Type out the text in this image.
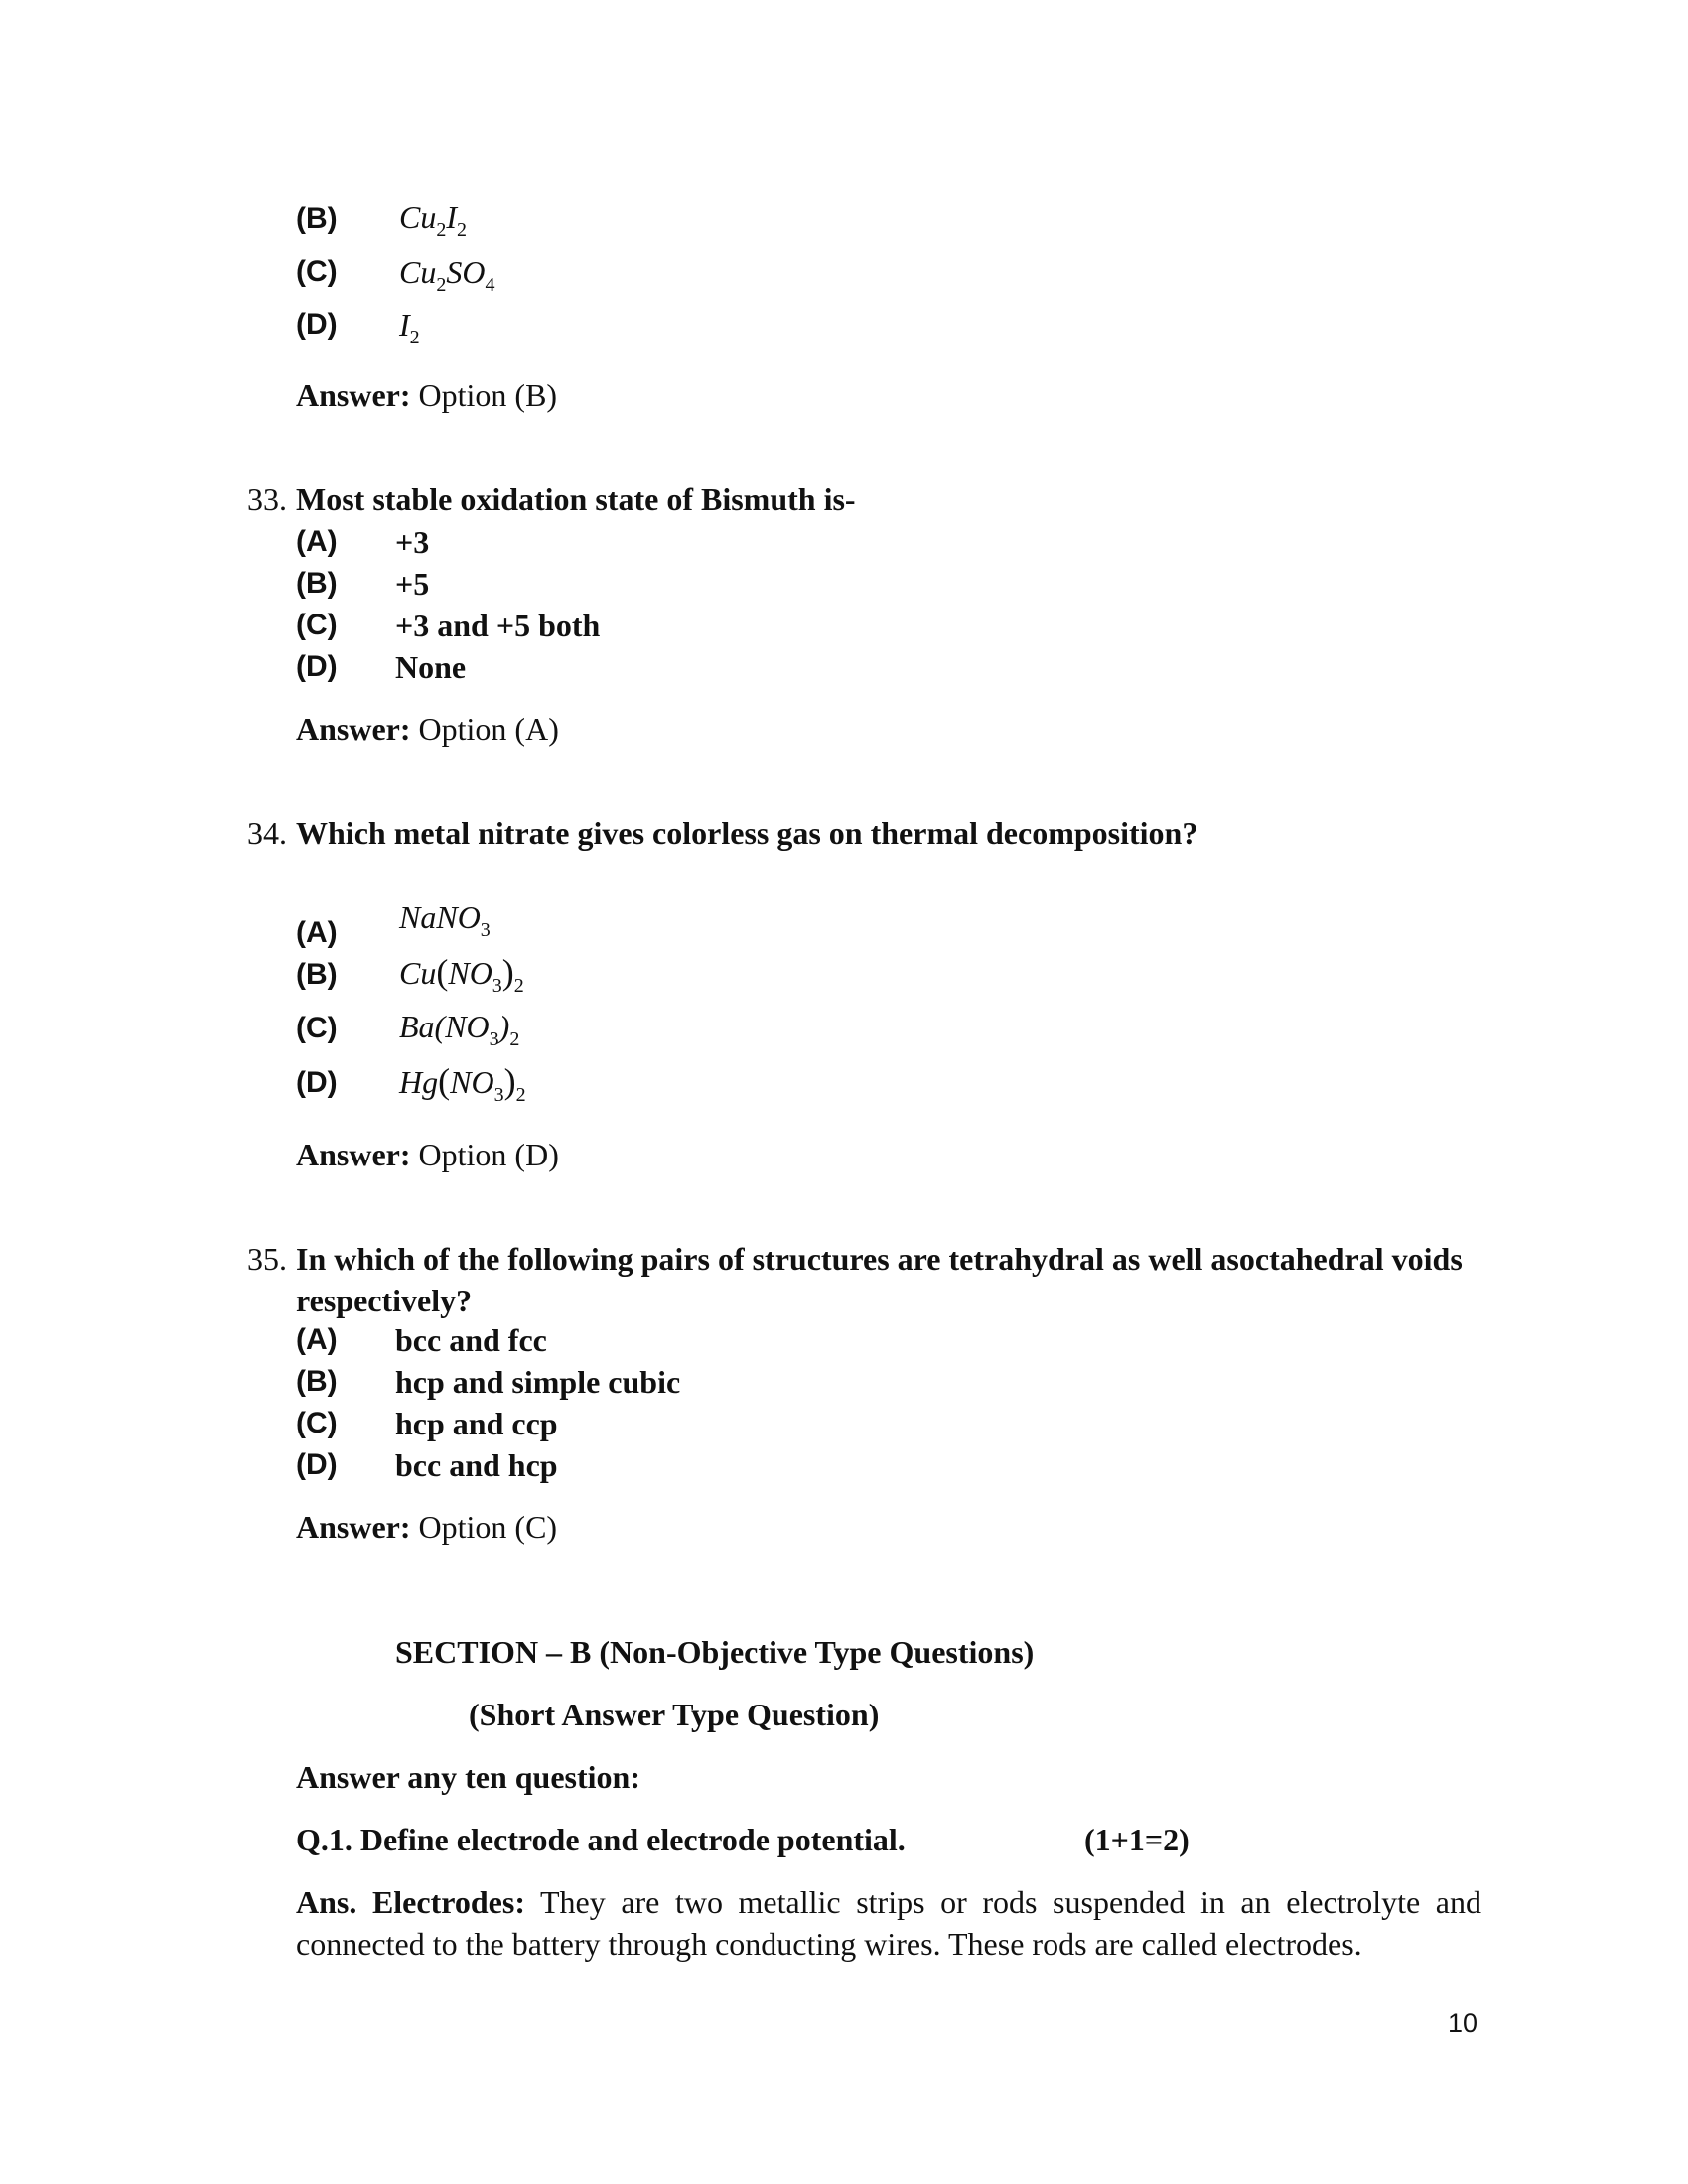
(B) $Cu_2I_2$
(C) $Cu_2SO_4$
(D) $I_2$
Answer: Option (B)
33. Most stable oxidation state of Bismuth is-
(A) +3
(B) +5
(C) +3 and +5 both
(D) None
Answer: Option (A)
34. Which metal nitrate gives colorless gas on thermal decomposition?
(A) NaNO$_3$
(B) $Cu(NO_3)_2$
(C) $Ba(NO_3)_2$
(D) $Hg(NO_3)_2$
Answer: Option (D)
35. In which of the following pairs of structures are tetrahydral as well asoctahedral voids
respectively?
(A) bcc and fcc
(B) hcp and simple cubic
(C) hcp and ccp
(D) bcc and hcp
Answer: Option (C)
SECTION – B (Non-Objective Type Questions)
(Short Answer Type Question)
Answer any ten question:
Q.1. Define electrode and electrode potential.	(1+1=2)
Ans. Electrodes: They are two metallic strips or rods suspended in an electrolyte and connected to the battery through conducting wires. These rods are called electrodes.
10
